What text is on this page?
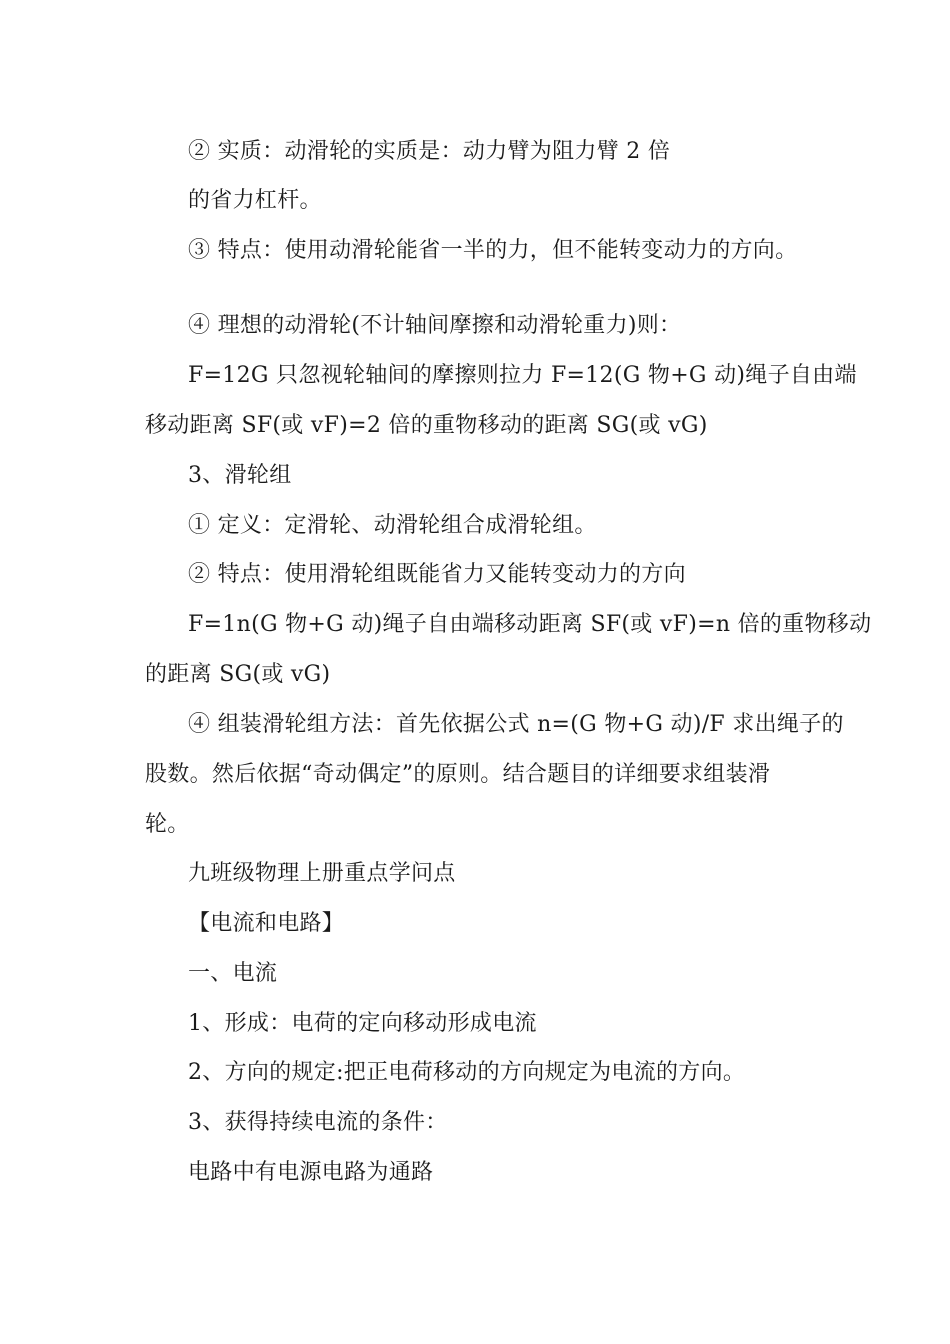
② 实质：动滑轮的实质是：动力臂为阻力臂 2 倍
的省力杠杆。
③ 特点：使用动滑轮能省一半的力，但不能转变动力的方向。
④ 理想的动滑轮(不计轴间摩擦和动滑轮重力)则：
F=12G 只忽视轮轴间的摩擦则拉力 F=12(G 物+G 动)绳子自由端
移动距离 SF(或 vF)=2 倍的重物移动的距离 SG(或 vG)
3、滑轮组
① 定义：定滑轮、动滑轮组合成滑轮组。
② 特点：使用滑轮组既能省力又能转变动力的方向
F=1n(G 物+G 动)绳子自由端移动距离 SF(或 vF)=n 倍的重物移动
的距离 SG(或 vG)
④ 组装滑轮组方法：首先依据公式 n=(G 物+G 动)/F 求出绳子的
股数。然后依据“奇动偶定”的原则。结合题目的详细要求组装滑
轮。
九班级物理上册重点学问点
【电流和电路】
一、电流
1、形成：电荷的定向移动形成电流
2、方向的规定:把正电荷移动的方向规定为电流的方向。
3、获得持续电流的条件：
电路中有电源电路为通路
